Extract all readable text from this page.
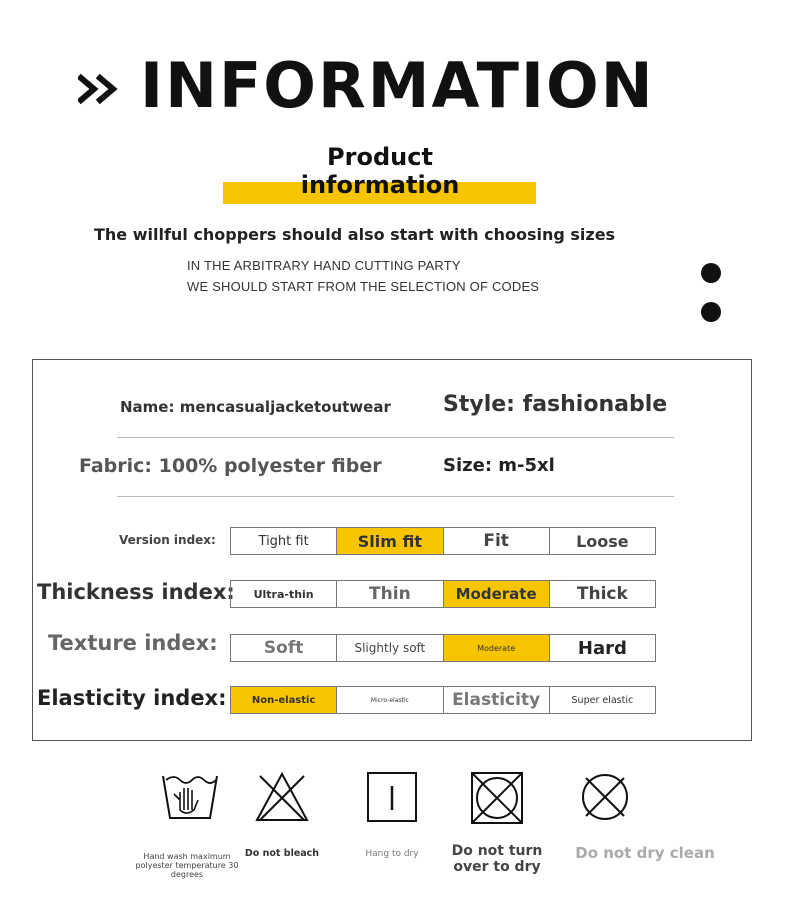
INFORMATION
Product
information
The willful choppers should also start with choosing sizes
IN THE ARBITRARY HAND CUTTING PARTY
WE SHOULD START FROM THE SELECTION OF CODES
Name: mencasualjacketoutwear Style: fashionable
Fabric: 100% polyester fiber	Size: m-5xl
Version index:	Tight fit	Slim fit	Fit	Loose
Thickness index:	Ultra-thin	Thin	Moderate	Thick
Texture index:	Soft	Slightly soft	Moderate	Hard
Elasticity index:	Non-elastic	Micro-elastic	Elasticity	Super elastic
Hand wash maximum polyester temperature 30 degrees
Do not bleach	Hang to dry	Do not turn over to dry
Do not dry clean
